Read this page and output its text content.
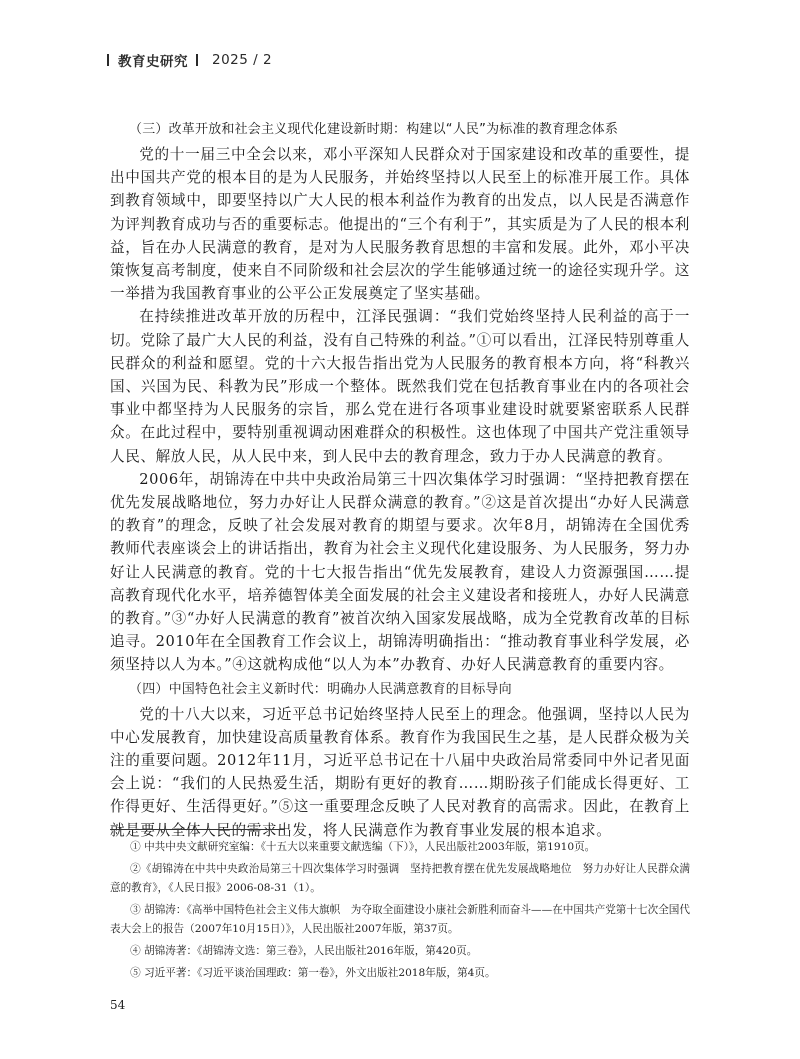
教育史研究 2025 / 2
（三）改革开放和社会主义现代化建设新时期：构建以“人民”为标准的教育理念体系

党的十一届三中全会以来，邓小平深知人民群众对于国家建设和改革的重要性，提出中国共产党的根本目的是为人民服务，并始终坚持以人民至上的标准开展工作。具体到教育领域中，即要坚持以广大人民的根本利益作为教育的出发点，以人民是否满意作为评判教育成功与否的重要标志。他提出的“三个有利于”，其实质是为了人民的根本利益，旨在办人民满意的教育，是对为人民服务教育思想的丰富和发展。此外，邓小平决策恢复高考制度，使来自不同阶级和社会层次的学生能够通过统一的途径实现升学。这一举措为我国教育事业的公平公正发展奠定了坚实基础。

在持续推进改革开放的历程中，江泽民强调：“我们党始终坚持人民利益的高于一切。党除了最广大人民的利益，没有自己特殊的利益。”①可以看出，江泽民特别尊重人民群众的利益和愿望。党的十六大报告指出党为人民服务的教育根本方向，将“科教兴国、兴国为民、科教为民”形成一个整体。既然我们党在包括教育事业在内的各项社会事业中都坚持为人民服务的宗旨，那么党在进行各项事业建设时就要紧密联系人民群众。在此过程中，要特别重视调动困难群众的积极性。这也体现了中国共产党注重领导人民、解放人民，从人民中来，到人民中去的教育理念，致力于办人民满意的教育。

2006年，胡锦涛在中共中央政治局第三十四次集体学习时强调：“坚持把教育摆在优先发展战略地位，努力办好让人民群众满意的教育。”②这是首次提出“办好人民满意的教育”的理念，反映了社会发展对教育的期望与要求。次年8月，胡锦涛在全国优秀教师代表座谈会上的讲话指出，教育为社会主义现代化建设服务、为人民服务，努力办好让人民满意的教育。党的十七大报告指出“优先发展教育，建设人力资源强国……提高教育现代化水平，培养德智体美全面发展的社会主义建设者和接班人，办好人民满意的教育。”③“办好人民满意的教育”被首次纳入国家发展战略，成为全党教育改革的目标追寻。2010年在全国教育工作会议上，胡锦涛明确指出：“推动教育事业科学发展，必须坚持以人为本。”④这就构成他“以人为本”办教育、办好人民满意教育的重要内容。

（四）中国特色社会主义新时代：明确办人民满意教育的目标导向

党的十八大以来，习近平总书记始终坚持人民至上的理念。他强调，坚持以人民为中心发展教育，加快建设高质量教育体系。教育作为我国民生之基，是人民群众极为关注的重要问题。2012年11月，习近平总书记在十八届中央政治局常委同中外记者见面会上说：“我们的人民热爱生活，期盼有更好的教育……期盼孩子们能成长得更好、工作得更好、生活得更好。”⑤这一重要理念反映了人民对教育的高需求。因此，在教育上就是要从全体人民的需求出发，将人民满意作为教育事业发展的根本追求。

① 中共中央文献研究室编：《十五大以来重要文献选编（下）》，人民出版社2003年版，第1910页。

②《胡锦涛在中共中央政治局第三十四次集体学习时强调　坚持把教育摆在优先发展战略地位　努力办好让人民群众满意的教育》，《人民日报》2006-08-31（1）。

③ 胡锦涛：《高举中国特色社会主义伟大旗帜　为夺取全面建设小康社会新胜利而奋斗——在中国共产党第十七次全国代表大会上的报告（2007年10月15日）》，人民出版社2007年版，第37页。

④ 胡锦涛著：《胡锦涛文选：第三卷》，人民出版社2016年版，第420页。

⑤ 习近平著：《习近平谈治国理政：第一卷》，外文出版社2018年版，第4页。

54
